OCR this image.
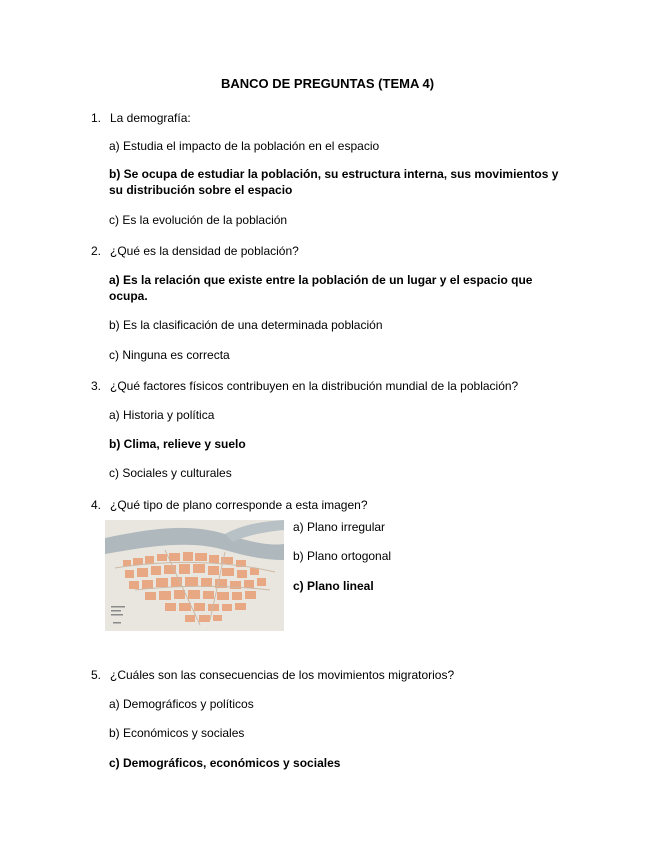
BANCO DE PREGUNTAS (TEMA 4)
1. La demografía:
a) Estudia el impacto de la población en el espacio
b) Se ocupa de estudiar la población, su estructura interna, sus movimientos y su distribución sobre el espacio
c) Es la evolución de la población
2. ¿Qué es la densidad de población?
a) Es la relación que existe entre la población de un lugar y el espacio que ocupa.
b) Es la clasificación de una determinada población
c) Ninguna es correcta
3. ¿Qué factores físicos contribuyen en la distribución mundial de la población?
a) Historia y política
b) Clima, relieve y suelo
c) Sociales y culturales
4. ¿Qué tipo de plano corresponde a esta imagen?
a) Plano irregular
b) Plano ortogonal
c) Plano lineal
5. ¿Cuáles son las consecuencias de los movimientos migratorios?
a) Demográficos y políticos
b) Económicos y sociales
c) Demográficos, económicos y sociales
